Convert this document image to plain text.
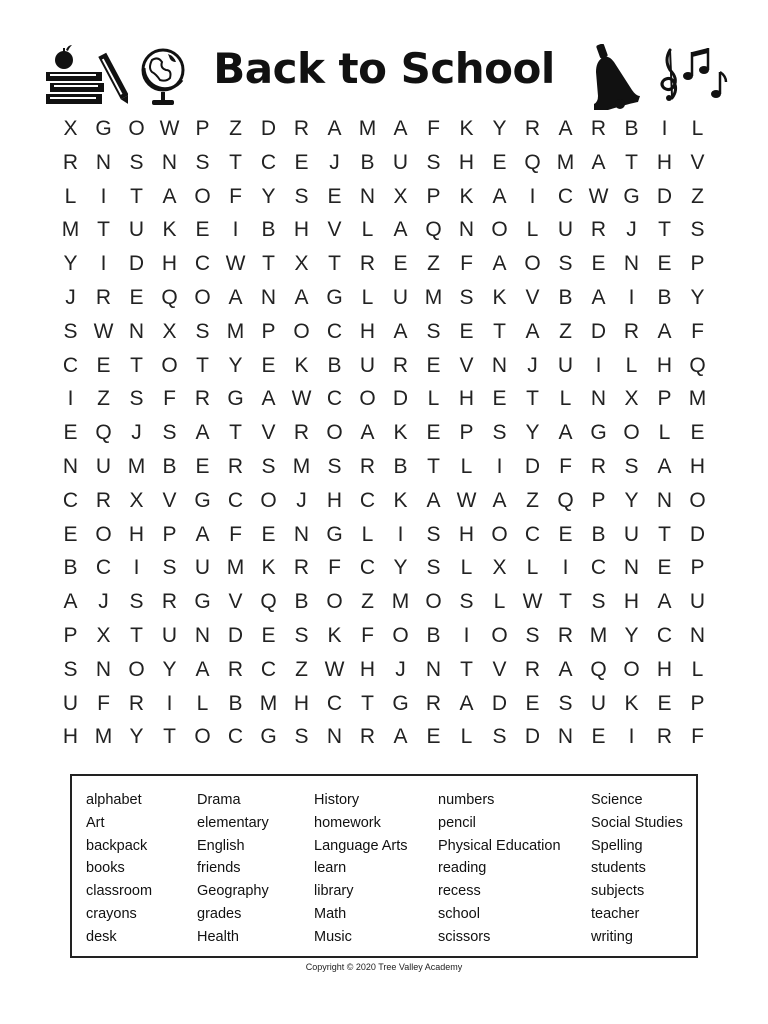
Back to School
X G O W P Z D R A M A F K Y R A R B	I	L
R N S N S T C E J B U S H E Q M A T H V
L	I	T A O F Y S E N X P K A	I	C W G D Z
M T U K E	I	B H V L A Q N O L U R J	T S
Y	I	D H C W T X T R E Z F A O S E N E P
J R E Q O A N A G L U M S K V B A	I	B Y
S W N X S M P O C H A S E T A Z D R A F
C E T O T Y E K B U R E V N J U	I	L H Q
I	Z S F R G A W C O D L H E T L N X P M
E Q J S A T V R O A K E P S Y A G O L E
N U M B E R S M S R B T L	I	D F R S A H
C R X V G C O J H C K A W A Z Q P Y N O
E O H P A F E N G L	I	S H O C E B U T D
B C	I	S U M K R F C Y S L X L	I	C N E P
A J S R G V Q B O Z M O S L W T S H A U
P X T U N D E S K F O B	I	O S R M Y C N
S N O Y A R C Z W H J N T V R A Q O H L
U F R	I	L B M H C T G R A D E S U K E P
H M Y T O C G S N R A E L S D N E	I	R F
alphabet
Art
backpack
books
classroom
crayons
desk
Drama
elementary
English
friends
Geography
grades
Health
History
homework
Language Arts
learn
library
Math
Music
numbers
pencil
Physical Education
reading
recess
school
scissors
Science
Social Studies
Spelling
students
subjects
teacher
writing
Copyright © 2020 Tree Valley Academy
